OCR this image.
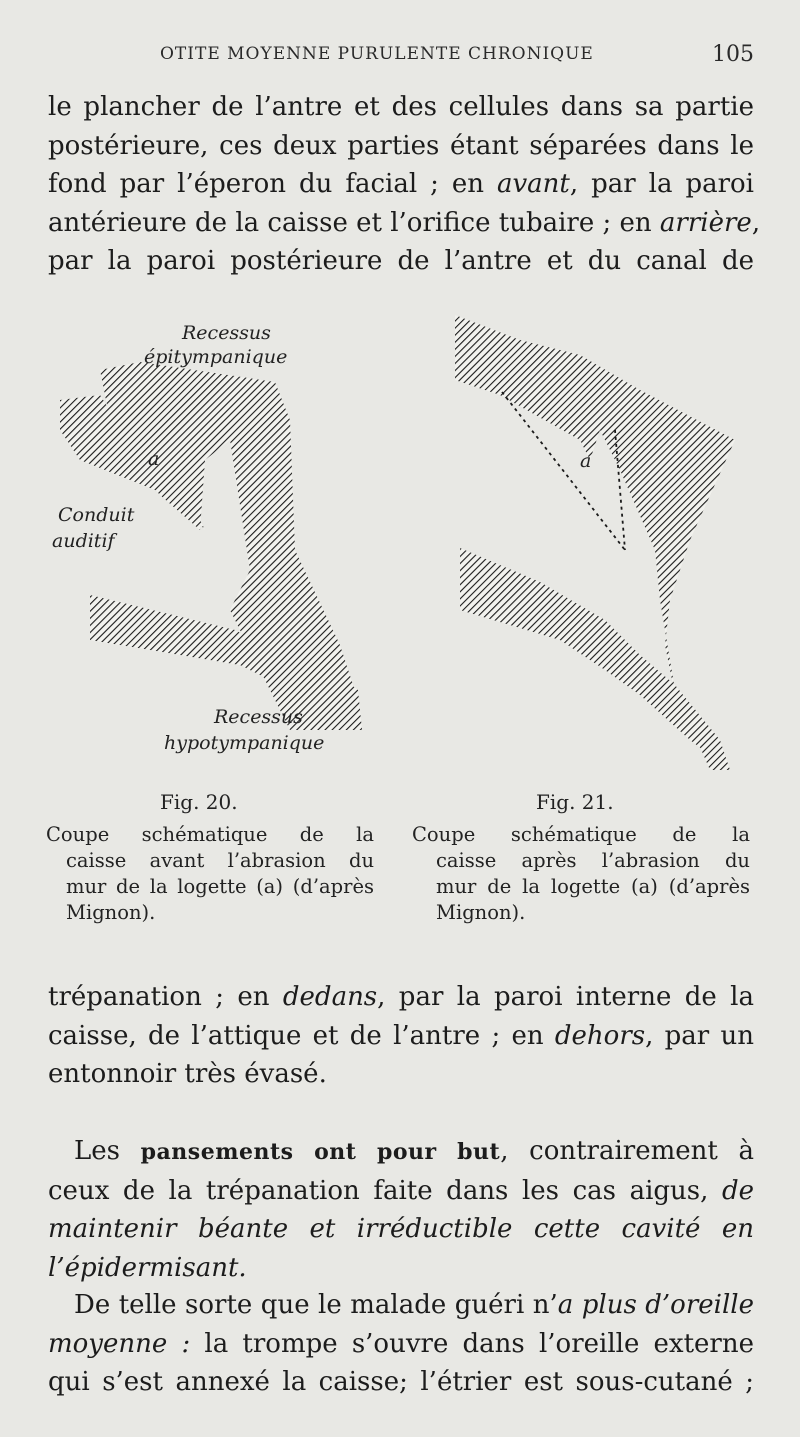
OTITE MOYENNE PURULENTE CHRONIQUE	105
le plancher de l’antre et des cellules dans sa partie
postérieure, ces deux parties étant séparées dans le
fond par l’éperon du facial ; en avant, par la paroi
antérieure de la caisse et l’orifice tubaire ; en arrière,
par la paroi postérieure de l’antre et du canal de
Recessus
épitympanique
a
Conduit
auditif
Recessus
hypotympanique
a
Fig. 20.	Fig. 21.
Coupe schématique de la
caisse avant l’abrasion du
mur de la logette (a) (d’après
Mignon).
Coupe schématique de la
caisse après l’abrasion du
mur de la logette (a) (d’après
Mignon).
trépanation ; en dedans, par la paroi interne de la
caisse, de l’attique et de l’antre ; en dehors, par un
entonnoir très évasé.
Les pansements ont pour but, contrairement à
ceux de la trépanation faite dans les cas aigus, de
maintenir béante et irréductible cette cavité en
l’épidermisant.
De telle sorte que le malade guéri n’a plus d’oreille
moyenne : la trompe s’ouvre dans l’oreille externe
qui s’est annexé la caisse; l’étrier est sous-cutané ;
